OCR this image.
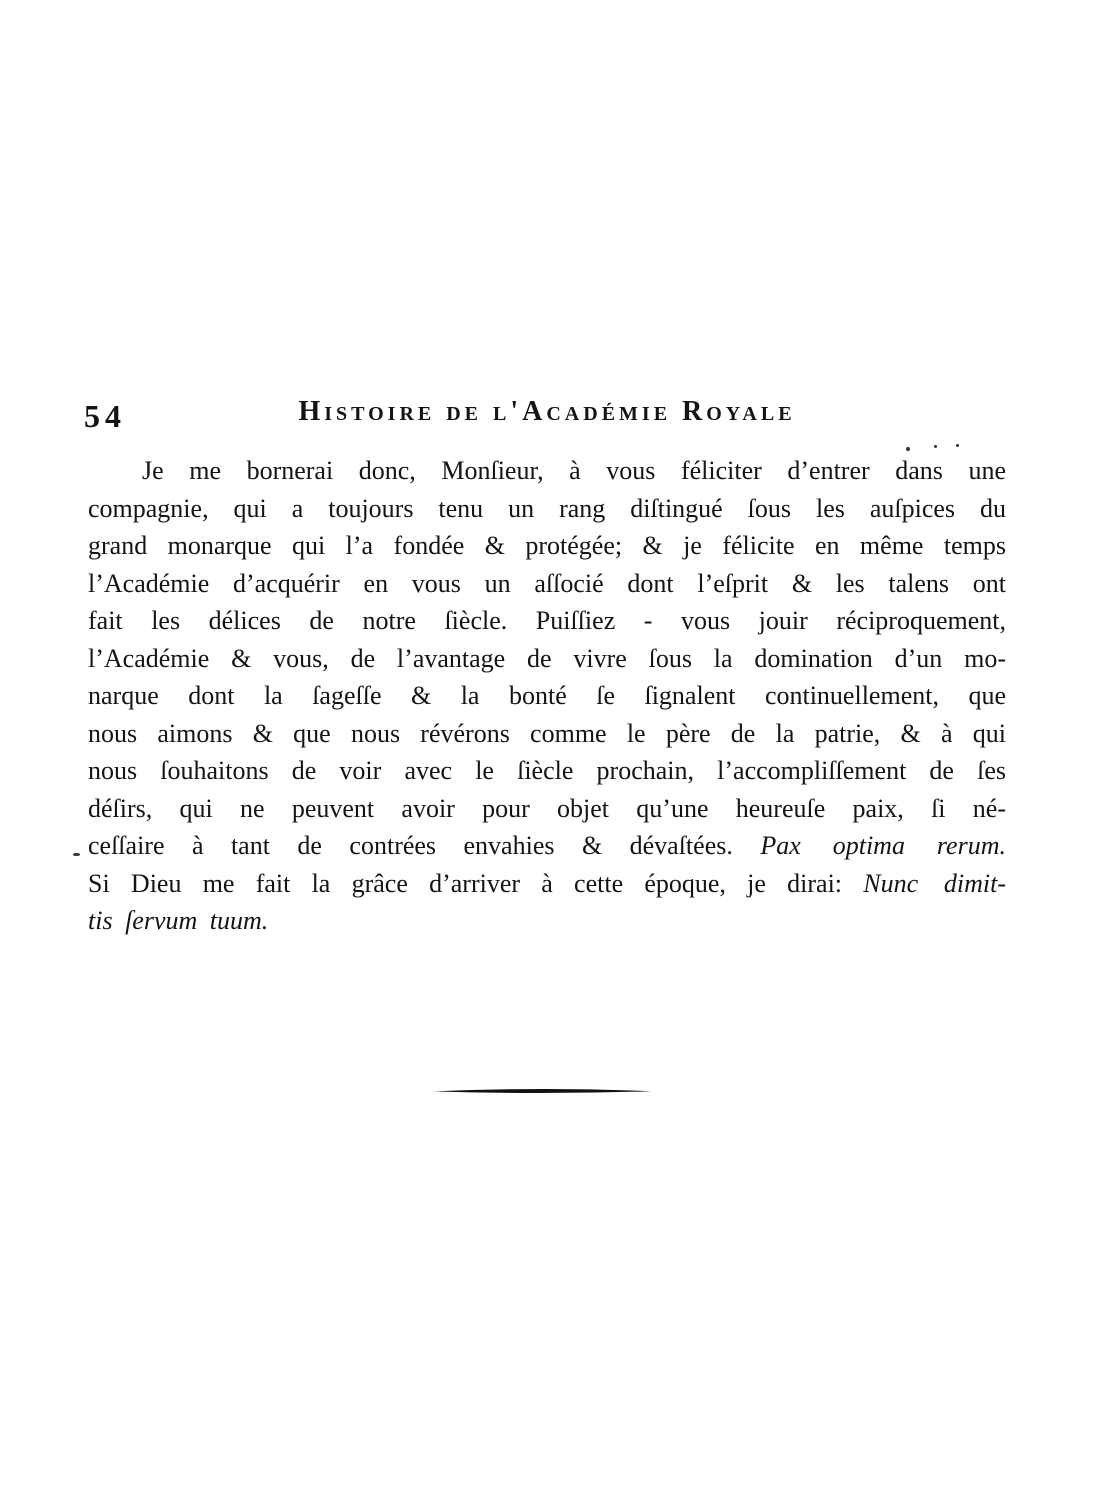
54	Histoire de l'Académie Royale
Je me bornerai donc, Monſieur, à vous féliciter d’entrer dans une
compagnie, qui a toujours tenu un rang diſtingué ſous les auſpices du
grand monarque qui l’a fondée & protégée; & je félicite en même temps
l’Académie d’acquérir en vous un aſſocié dont l’eſprit & les talens ont
fait les délices de notre ſiècle. Puiſſiez - vous jouir réciproquement,
l’Académie & vous, de l’avantage de vivre ſous la domination d’un mo-
narque dont la ſageſſe & la bonté ſe ſignalent continuellement, que
nous aimons & que nous révérons comme le père de la patrie, & à qui
nous ſouhaitons de voir avec le ſiècle prochain, l’accompliſſement de ſes
déſirs, qui ne peuvent avoir pour objet qu’une heureuſe paix, ſi né-
ceſſaire à tant de contrées envahies & dévaſtées. Pax optima rerum.
Si Dieu me fait la grâce d’arriver à cette époque, je dirai: Nunc dimit-
tis ſervum tuum.
